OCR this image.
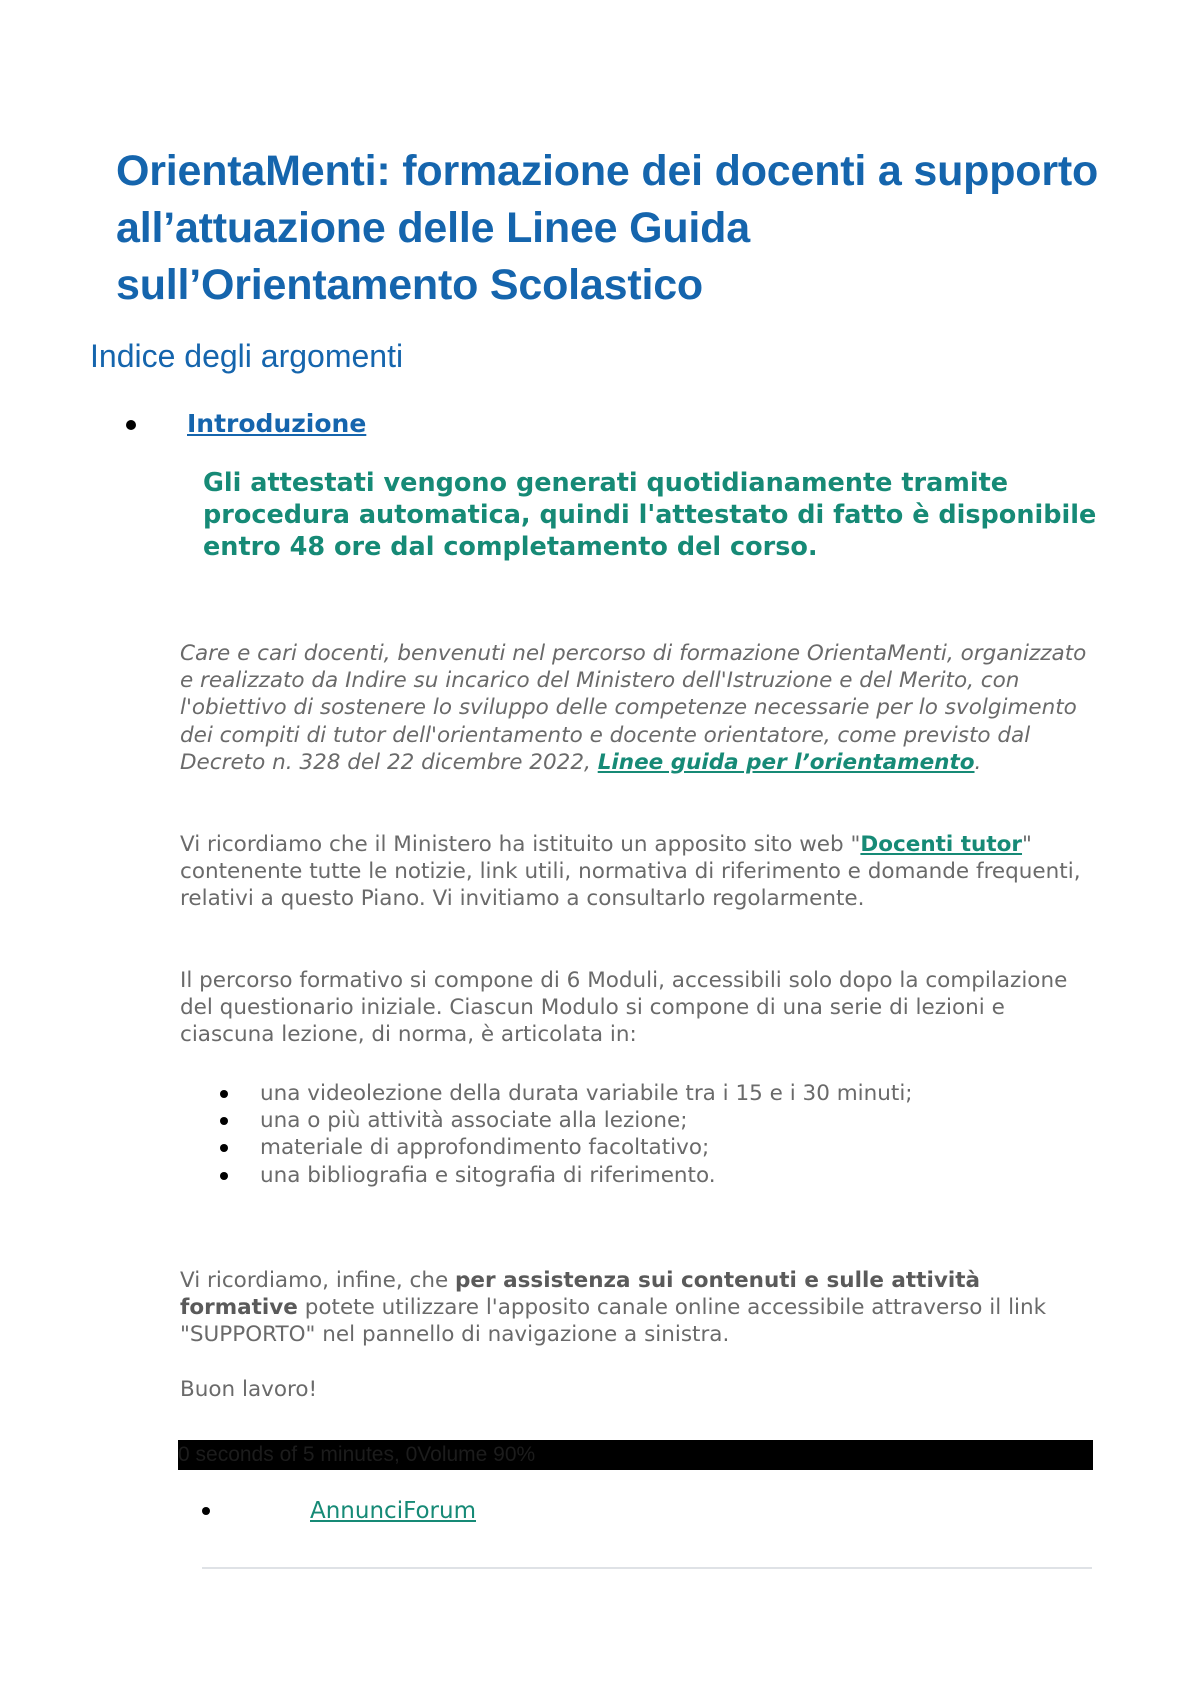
OrientaMenti: formazione dei docenti a supporto all’attuazione delle Linee Guida sull’Orientamento Scolastico
Indice degli argomenti
Introduzione

Gli attestati vengono generati quotidianamente tramite procedura automatica, quindi l'attestato di fatto è disponibile entro 48 ore dal completamento del corso.

Care e cari docenti, benvenuti nel percorso di formazione OrientaMenti, organizzato e realizzato da Indire su incarico del Ministero dell'Istruzione e del Merito, con l'obiettivo di sostenere lo sviluppo delle competenze necessarie per lo svolgimento dei compiti di tutor dell'orientamento e docente orientatore, come previsto dal Decreto n. 328 del 22 dicembre 2022, Linee guida per l’orientamento.

Vi ricordiamo che il Ministero ha istituito un apposito sito web "Docenti tutor" contenente tutte le notizie, link utili, normativa di riferimento e domande frequenti, relativi a questo Piano. Vi invitiamo a consultarlo regolarmente.

Il percorso formativo si compone di 6 Moduli, accessibili solo dopo la compilazione del questionario iniziale. Ciascun Modulo si compone di una serie di lezioni e ciascuna lezione, di norma, è articolata in:

una videolezione della durata variabile tra i 15 e i 30 minuti;
una o più attività associate alla lezione;
materiale di approfondimento facoltativo;
una bibliografia e sitografia di riferimento.

Vi ricordiamo, infine, che per assistenza sui contenuti e sulle attività formative potete utilizzare l'apposito canale online accessibile attraverso il link "SUPPORTO" nel pannello di navigazione a sinistra.

Buon lavoro!

0 seconds of 5 minutes, 0Volume 90%
AnnunciForum
